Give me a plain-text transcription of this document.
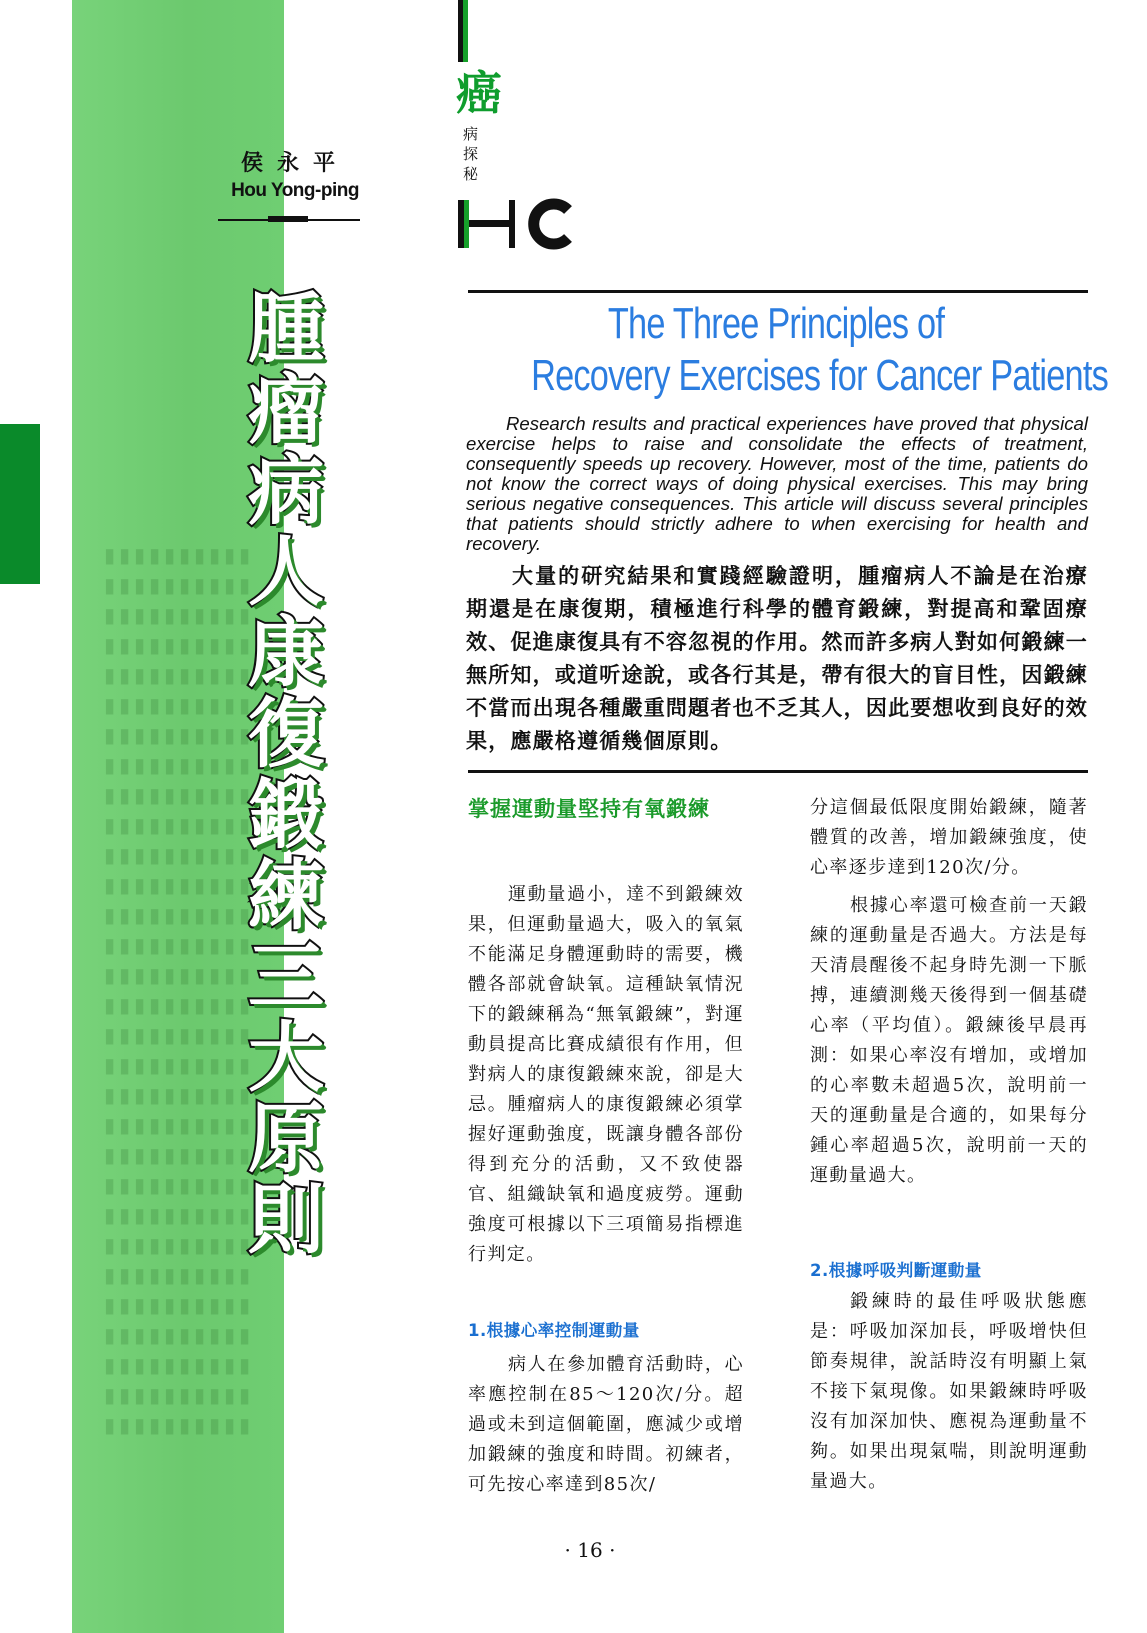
▮▮▮▮▮▮▮▮▮▮
▮▮▮▮▮▮▮▮▮▮
▮▮▮▮▮▮▮▮▮▮
▮▮▮▮▮▮▮▮▮▮
▮▮▮▮▮▮▮▮▮▮
▮▮▮▮▮▮▮▮▮▮
▮▮▮▮▮▮▮▮▮▮
▮▮▮▮▮▮▮▮▮▮
▮▮▮▮▮▮▮▮▮▮
▮▮▮▮▮▮▮▮▮▮
▮▮▮▮▮▮▮▮▮▮
▮▮▮▮▮▮▮▮▮▮
▮▮▮▮▮▮▮▮▮▮
▮▮▮▮▮▮▮▮▮▮
▮▮▮▮▮▮▮▮▮▮
▮▮▮▮▮▮▮▮▮▮
▮▮▮▮▮▮▮▮▮▮
▮▮▮▮▮▮▮▮▮▮
▮▮▮▮▮▮▮▮▮▮
▮▮▮▮▮▮▮▮▮▮
▮▮▮▮▮▮▮▮▮▮
▮▮▮▮▮▮▮▮▮▮
▮▮▮▮▮▮▮▮▮▮
▮▮▮▮▮▮▮▮▮▮
▮▮▮▮▮▮▮▮▮▮
▮▮▮▮▮▮▮▮▮▮
▮▮▮▮▮▮▮▮▮▮
▮▮▮▮▮▮▮▮▮▮
▮▮▮▮▮▮▮▮▮▮
▮▮▮▮▮▮▮▮▮▮
侯永平
Hou Yong-ping
腫
瘤
病
人
康
復
鍛
練
三
大
原
則
癌
病
探
秘
The Three Principles of
Recovery Exercises for Cancer Patients
Research results and practical experiences have proved that physical exercise helps to raise and consolidate the effects of treatment, consequently speeds up recovery. However, most of the time, patients do not know the correct ways of doing physical exercises. This may bring serious negative consequences. This article will discuss several principles that patients should strictly adhere to when exercising for health and recovery.
大量的研究結果和實踐經驗證明，腫瘤病人不論是在治療期還是在康復期，積極進行科學的體育鍛練，對提高和鞏固療效、促進康復具有不容忽視的作用。然而許多病人對如何鍛練一無所知，或道听途說，或各行其是，帶有很大的盲目性，因鍛練不當而出現各種嚴重問題者也不乏其人，因此要想收到良好的效果，應嚴格遵循幾個原則。
掌握運動量堅持有氧鍛練

運動量過小，達不到鍛練效果，但運動量過大，吸入的氧氣不能滿足身體運動時的需要，機體各部就會缺氧。這種缺氧情況下的鍛練稱為“無氧鍛練”，對運動員提高比賽成績很有作用，但對病人的康復鍛練來說，卻是大忌。腫瘤病人的康復鍛練必須掌握好運動強度，既讓身體各部份得到充分的活動，又不致使器官、組織缺氧和過度疲勞。運動強度可根據以下三項簡易指標進行判定。

1.根據心率控制運動量

病人在參加體育活動時，心率應控制在85～120次/分。超過或未到這個範圍，應減少或增加鍛練的強度和時間。初練者，可先按心率達到85次/

分這個最低限度開始鍛練，隨著體質的改善，增加鍛練強度，使心率逐步達到120次/分。

根據心率還可檢查前一天鍛練的運動量是否過大。方法是每天清晨醒後不起身時先測一下脈搏，連續測幾天後得到一個基礎心率（平均值）。鍛練後早晨再測：如果心率沒有增加，或增加的心率數未超過5次，說明前一天的運動量是合適的，如果每分鍾心率超過5次，說明前一天的運動量過大。

2.根據呼吸判斷運動量

鍛練時的最佳呼吸狀態應是：呼吸加深加長，呼吸增快但節奏規律，說話時沒有明顯上氣不接下氣現像。如果鍛練時呼吸沒有加深加快、應視為運動量不夠。如果出現氣喘，則說明運動量過大。

· 16 ·
